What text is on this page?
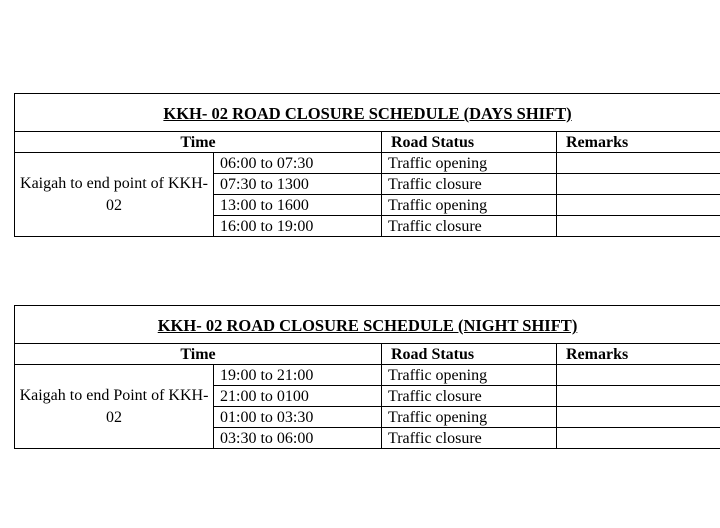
KKH- 02 ROAD CLOSURE SCHEDULE (DAYS SHIFT)			
Time		Road Status	Remarks
Kaigah to end point of KKH-02	06:00 to 07:30	Traffic opening	
	07:30 to 1300	Traffic closure	
	13:00 to 1600	Traffic opening	
	16:00 to 19:00	Traffic closure	
KKH- 02 ROAD CLOSURE SCHEDULE (NIGHT SHIFT)			
Time		Road Status	Remarks
Kaigah to end Point of KKH-02	19:00 to 21:00	Traffic opening	
	21:00 to 0100	Traffic closure	
	01:00 to 03:30	Traffic opening	
	03:30 to 06:00	Traffic closure	
